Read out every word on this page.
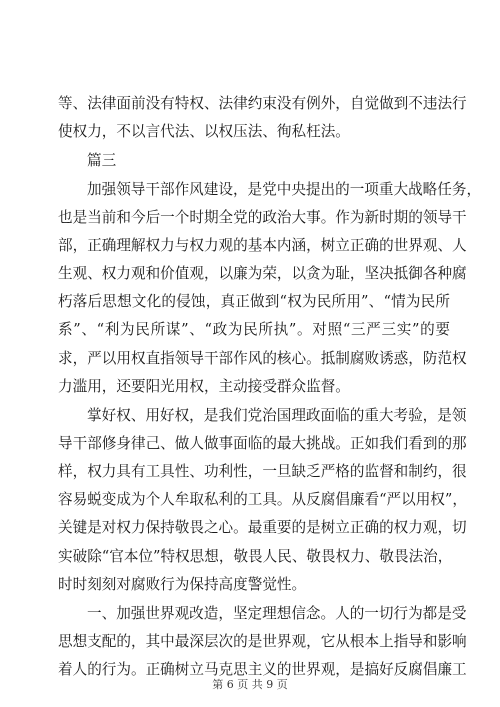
等、法律面前没有特权、法律约束没有例外，自觉做到不违法行
使权力，不以言代法、以权压法、徇私枉法。
篇三
加强领导干部作风建设，是党中央提出的一项重大战略任务，
也是当前和今后一个时期全党的政治大事。作为新时期的领导干
部，正确理解权力与权力观的基本内涵，树立正确的世界观、人
生观、权力观和价值观，以廉为荣，以贪为耻，坚决抵御各种腐
朽落后思想文化的侵蚀，真正做到“权为民所用”、“情为民所
系”、“利为民所谋”、“政为民所执”。对照“三严三实”的要
求，严以用权直指领导干部作风的核心。抵制腐败诱惑，防范权
力滥用，还要阳光用权，主动接受群众监督。
掌好权、用好权，是我们党治国理政面临的重大考验，是领
导干部修身律己、做人做事面临的最大挑战。正如我们看到的那
样，权力具有工具性、功利性，一旦缺乏严格的监督和制约，很
容易蜕变成为个人牟取私利的工具。从反腐倡廉看“严以用权”，
关键是对权力保持敬畏之心。最重要的是树立正确的权力观，切
实破除“官本位”特权思想，敬畏人民、敬畏权力、敬畏法治，
时时刻刻对腐败行为保持高度警觉性。
一、加强世界观改造，坚定理想信念。人的一切行为都是受
思想支配的，其中最深层次的是世界观，它从根本上指导和影响
着人的行为。正确树立马克思主义的世界观，是搞好反腐倡廉工
第 6 页 共 9 页
